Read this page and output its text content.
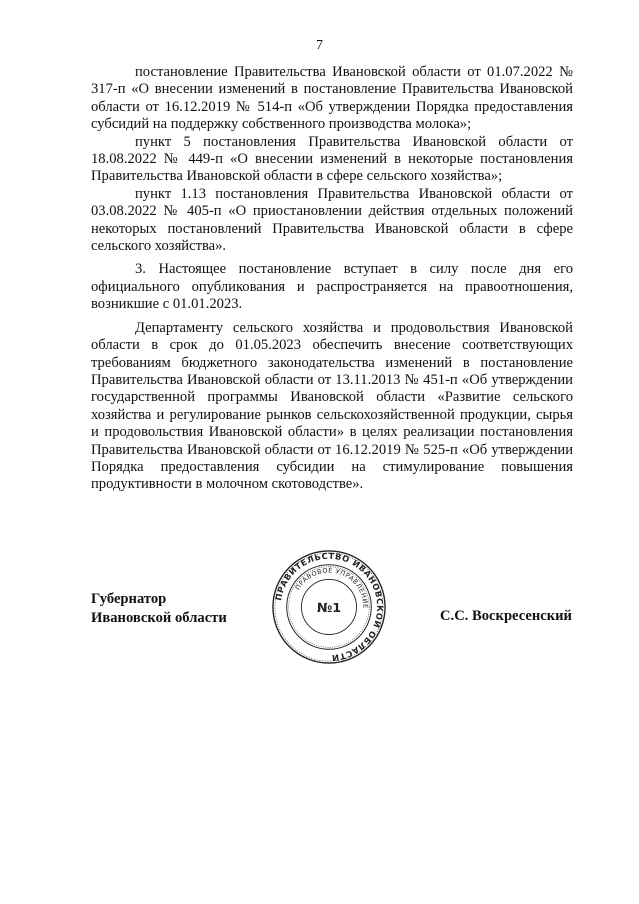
7

постановление Правительства Ивановской области от 01.07.2022 № 317-п «О внесении изменений в постановление Правительства Ивановской области от 16.12.2019 № 514-п «Об утверждении Порядка предоставления субсидий на поддержку собственного производства молока»;

пункт 5 постановления Правительства Ивановской области от 18.08.2022 № 449-п «О внесении изменений в некоторые постановления Правительства Ивановской области в сфере сельского хозяйства»;

пункт 1.13 постановления Правительства Ивановской области от 03.08.2022 № 405-п «О приостановлении действия отдельных положений некоторых постановлений Правительства Ивановской области в сфере сельского хозяйства».

3. Настоящее постановление вступает в силу после дня его официального опубликования и распространяется на правоотношения, возникшие с 01.01.2023.

Департаменту сельского хозяйства и продовольствия Ивановской области в срок до 01.05.2023 обеспечить внесение соответствующих требованиям бюджетного законодательства изменений в постановление Правительства Ивановской области от 13.11.2013 № 451-п «Об утверждении государственной программы Ивановской области «Развитие сельского хозяйства и регулирование рынков сельскохозяйственной продукции, сырья и продовольствия Ивановской области» в целях реализации постановления Правительства Ивановской области от 16.12.2019 № 525-п «Об утверждении Порядка предоставления субсидии на стимулирование повышения продуктивности в молочном скотоводстве».

Губернатор
Ивановской области
ПРАВИТЕЛЬСТВО ИВАНОВСКОЙ ОБЛАСТИ
ПРАВОВОЕ УПРАВЛЕНИЕ
№1	С.С. Воскресенский
